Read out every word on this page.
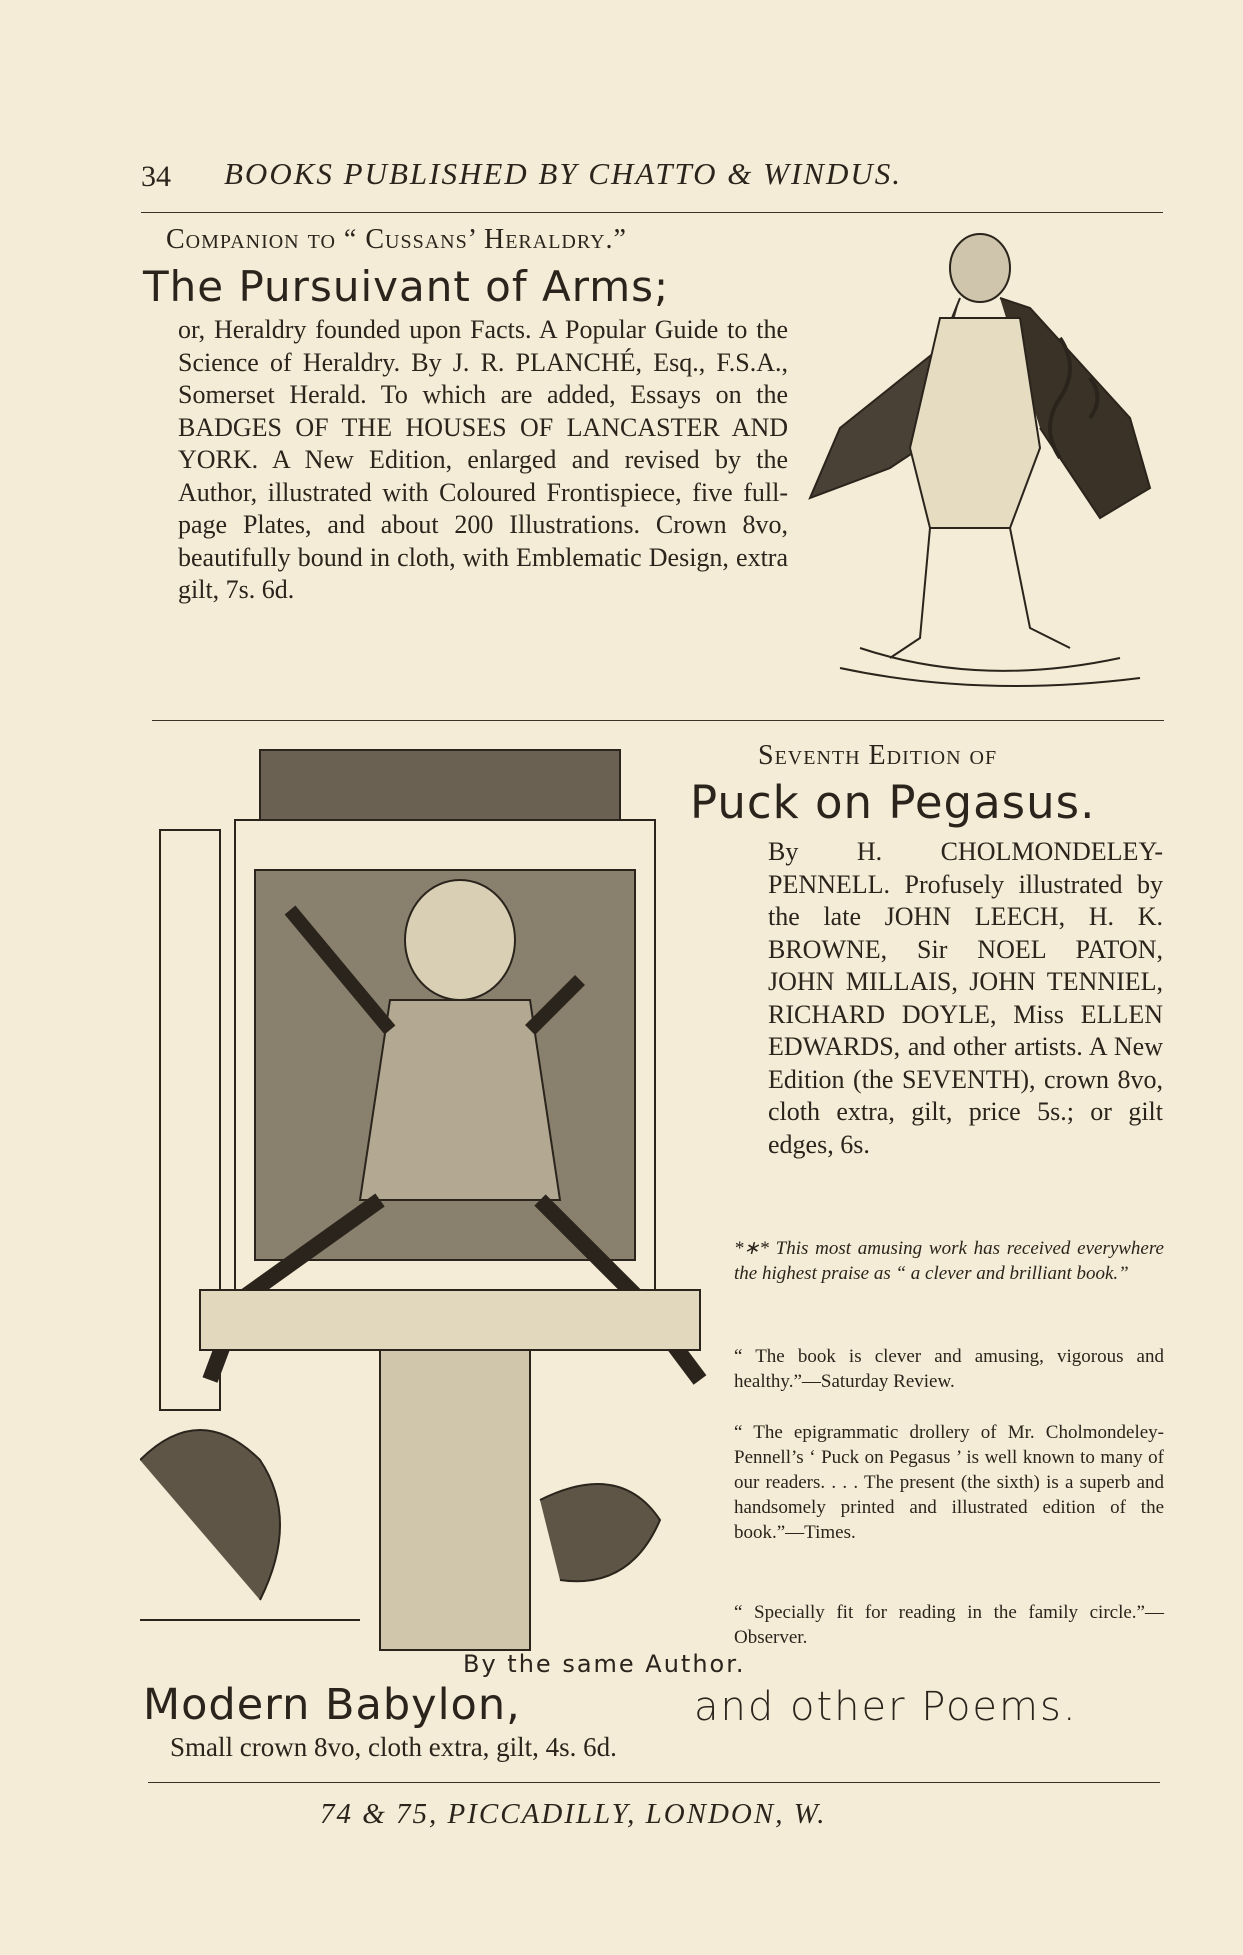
34 BOOKS PUBLISHED BY CHATTO & WINDUS.
Companion to “ Cussans’ Heraldry.”
The Pursuivant of Arms;
or, Heraldry founded upon Facts. A Popular Guide to the Science of Heraldry. By J. R. PLANCHÉ, Esq., F.S.A., Somerset Herald. To which are added, Essays on the BADGES OF THE HOUSES OF LANCASTER AND YORK. A New Edition, enlarged and revised by the Author, illustrated with Coloured Frontispiece, five full-page Plates, and about 200 Illustrations. Crown 8vo, beautifully bound in cloth, with Emblematic Design, extra gilt, 7s. 6d.
Seventh Edition of
Puck on Pegasus.
By H. CHOLMONDELEY-PENNELL. Profusely illustrated by the late JOHN LEECH, H. K. BROWNE, Sir NOEL PATON, JOHN MILLAIS, JOHN TENNIEL, RICHARD DOYLE, Miss ELLEN EDWARDS, and other artists. A New Edition (the SEVENTH), crown 8vo, cloth extra, gilt, price 5s.; or gilt edges, 6s.
*∗* This most amusing work has received everywhere the highest praise as “ a clever and brilliant book.”
“ The book is clever and amusing, vigorous and healthy.”—Saturday Review.
“ The epigrammatic drollery of Mr. Cholmondeley-Pennell’s ‘ Puck on Pegasus ’ is well known to many of our readers. . . . The present (the sixth) is a superb and handsomely printed and illustrated edition of the book.”—Times.
“ Specially fit for reading in the family circle.”—Observer.
By the same Author.
Modern Babylon,	and other Poems.
Small crown 8vo, cloth extra, gilt, 4s. 6d.
74 & 75, PICCADILLY, LONDON, W.
